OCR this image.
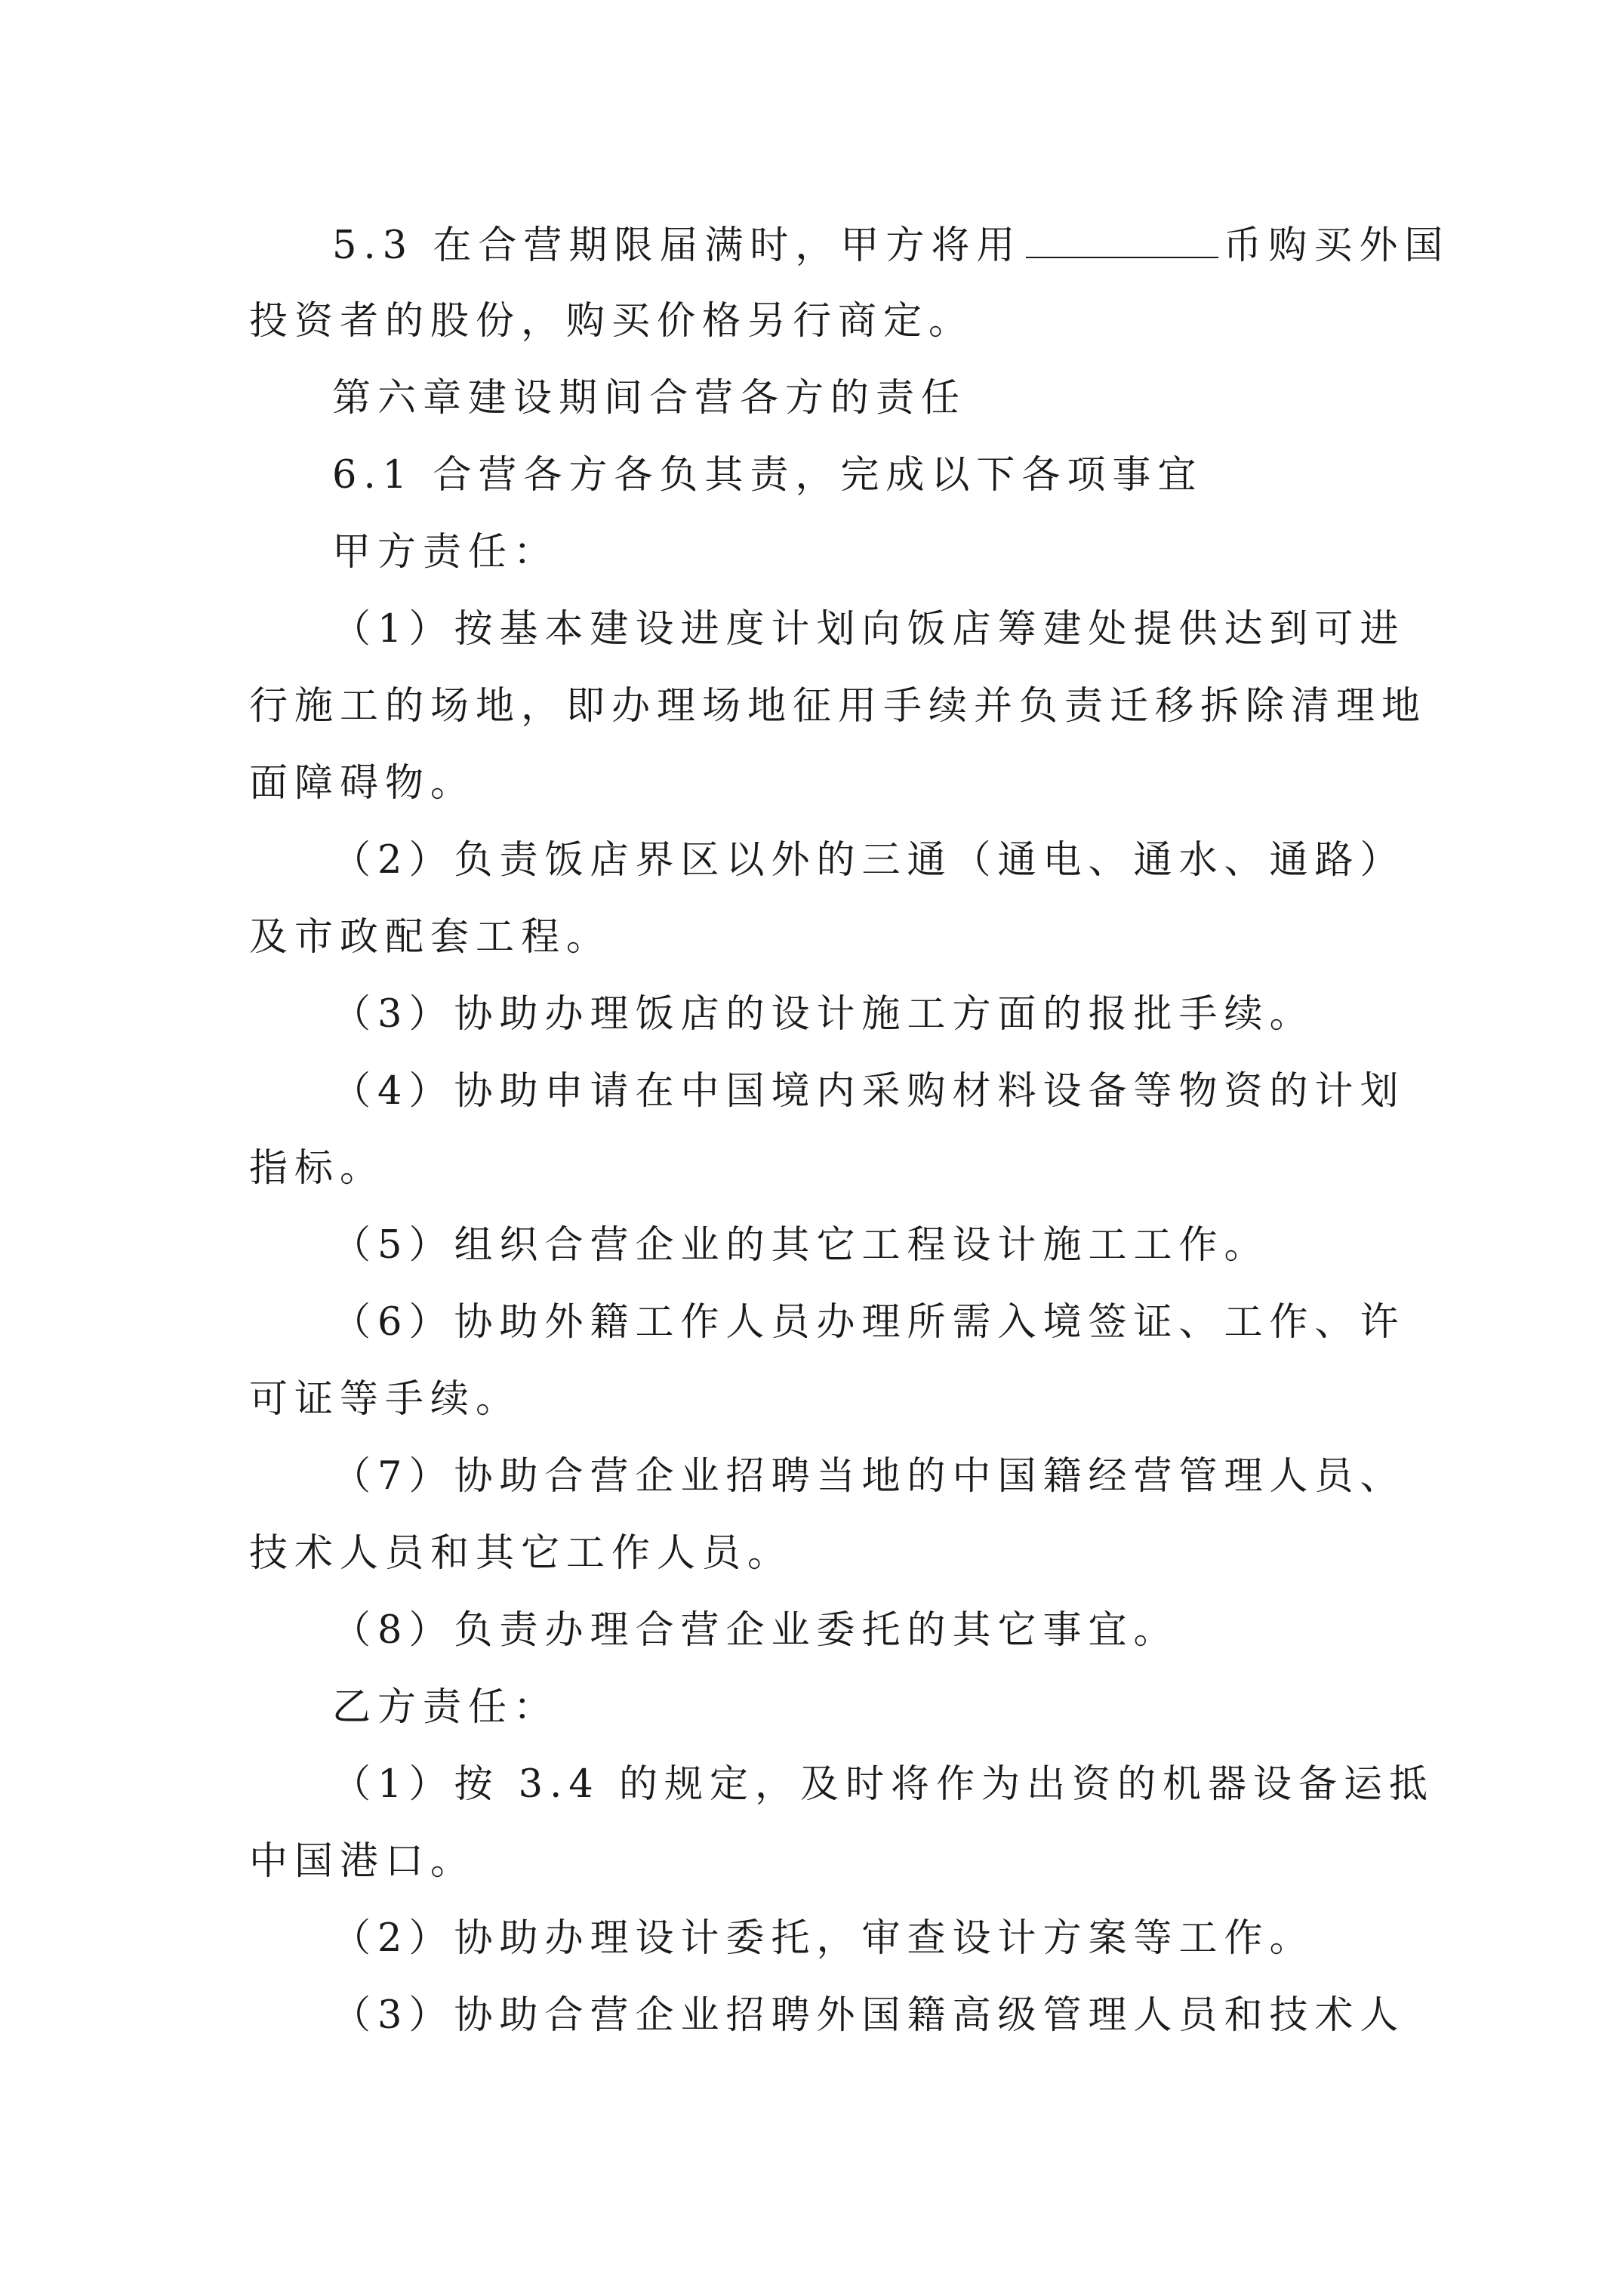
5.3 在合营期限届满时，甲方将用	币购买外国
投资者的股份，购买价格另行商定。
第六章建设期间合营各方的责任
6.1 合营各方各负其责，完成以下各项事宜
甲方责任：
（1）按基本建设进度计划向饭店筹建处提供达到可进
行施工的场地，即办理场地征用手续并负责迁移拆除清理地
面障碍物。
（2）负责饭店界区以外的三通（通电、通水、通路）
及市政配套工程。
（3）协助办理饭店的设计施工方面的报批手续。
（4）协助申请在中国境内采购材料设备等物资的计划
指标。
（5）组织合营企业的其它工程设计施工工作。
（6）协助外籍工作人员办理所需入境签证、工作、许
可证等手续。
（7）协助合营企业招聘当地的中国籍经营管理人员、
技术人员和其它工作人员。
（8）负责办理合营企业委托的其它事宜。
乙方责任：
（1）按 3.4 的规定，及时将作为出资的机器设备运抵
中国港口。
（2）协助办理设计委托，审查设计方案等工作。
（3）协助合营企业招聘外国籍高级管理人员和技术人
